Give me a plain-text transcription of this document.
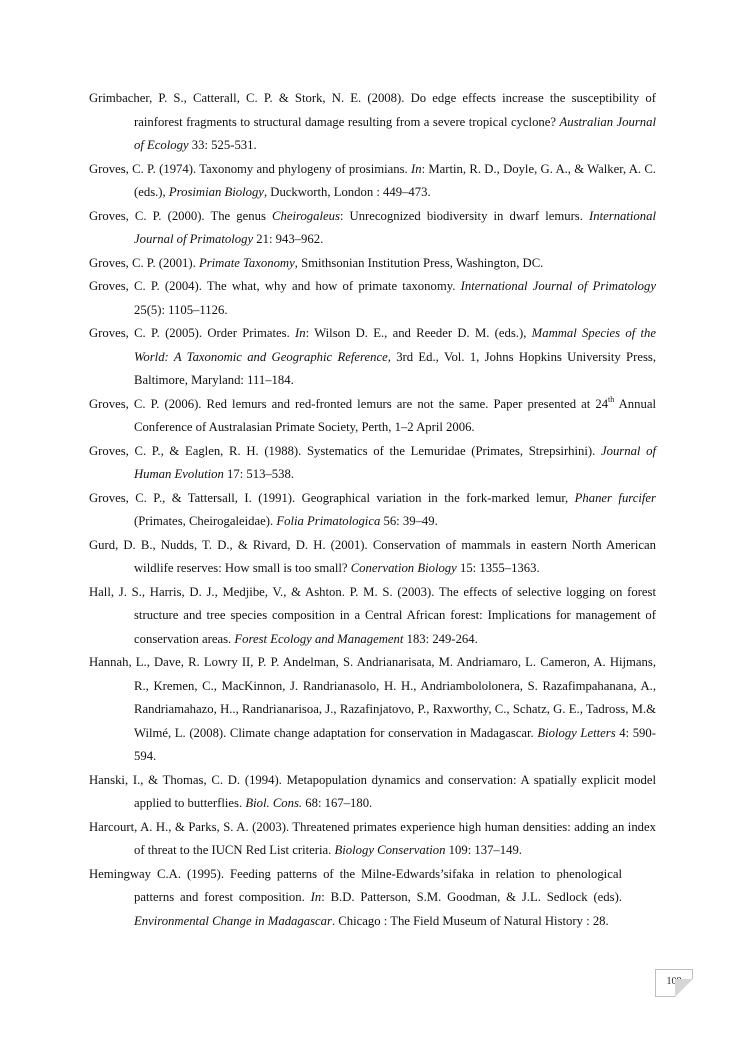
Grimbacher, P. S., Catterall, C. P. & Stork, N. E. (2008). Do edge effects increase the susceptibility of rainforest fragments to structural damage resulting from a severe tropical cyclone? Australian Journal of Ecology 33: 525-531.

Groves, C. P. (1974). Taxonomy and phylogeny of prosimians. In: Martin, R. D., Doyle, G. A., & Walker, A. C. (eds.), Prosimian Biology, Duckworth, London : 449–473.

Groves, C. P. (2000). The genus Cheirogaleus: Unrecognized biodiversity in dwarf lemurs. International Journal of Primatology 21: 943–962.

Groves, C. P. (2001). Primate Taxonomy, Smithsonian Institution Press, Washington, DC.

Groves, C. P. (2004). The what, why and how of primate taxonomy. International Journal of Primatology 25(5): 1105–1126.

Groves, C. P. (2005). Order Primates. In: Wilson D. E., and Reeder D. M. (eds.), Mammal Species of the World: A Taxonomic and Geographic Reference, 3rd Ed., Vol. 1, Johns Hopkins University Press, Baltimore, Maryland: 111–184.

Groves, C. P. (2006). Red lemurs and red-fronted lemurs are not the same. Paper presented at 24th Annual Conference of Australasian Primate Society, Perth, 1–2 April 2006.

Groves, C. P., & Eaglen, R. H. (1988). Systematics of the Lemuridae (Primates, Strepsirhini). Journal of Human Evolution 17: 513–538.

Groves, C. P., & Tattersall, I. (1991). Geographical variation in the fork-marked lemur, Phaner furcifer (Primates, Cheirogaleidae). Folia Primatologica 56: 39–49.

Gurd, D. B., Nudds, T. D., & Rivard, D. H. (2001). Conservation of mammals in eastern North American wildlife reserves: How small is too small? Conervation Biology 15: 1355–1363.

Hall, J. S., Harris, D. J., Medjibe, V., & Ashton. P. M. S. (2003). The effects of selective logging on forest structure and tree species composition in a Central African forest: Implications for management of conservation areas. Forest Ecology and Management 183: 249-264.

Hannah, L., Dave, R. Lowry II, P. P. Andelman, S. Andrianarisata, M. Andriamaro, L. Cameron, A. Hijmans, R., Kremen, C., MacKinnon, J. Randrianasolo, H. H., Andriambololonera, S. Razafimpahanana, A., Randriamahazo, H.., Randrianarisoa, J., Razafinjatovo, P., Raxworthy, C., Schatz, G. E., Tadross, M.& Wilmé, L. (2008). Climate change adaptation for conservation in Madagascar. Biology Letters 4: 590-594.

Hanski, I., & Thomas, C. D. (1994). Metapopulation dynamics and conservation: A spatially explicit model applied to butterflies. Biol. Cons. 68: 167–180.

Harcourt, A. H., & Parks, S. A. (2003). Threatened primates experience high human densities: adding an index of threat to the IUCN Red List criteria. Biology Conservation 109: 137–149.

Hemingway C.A. (1995). Feeding patterns of the Milne-Edwards’sifaka in relation to phenological patterns and forest composition. In: B.D. Patterson, S.M. Goodman, & J.L. Sedlock (eds). Environmental Change in Madagascar. Chicago : The Field Museum of Natural History : 28.

108
